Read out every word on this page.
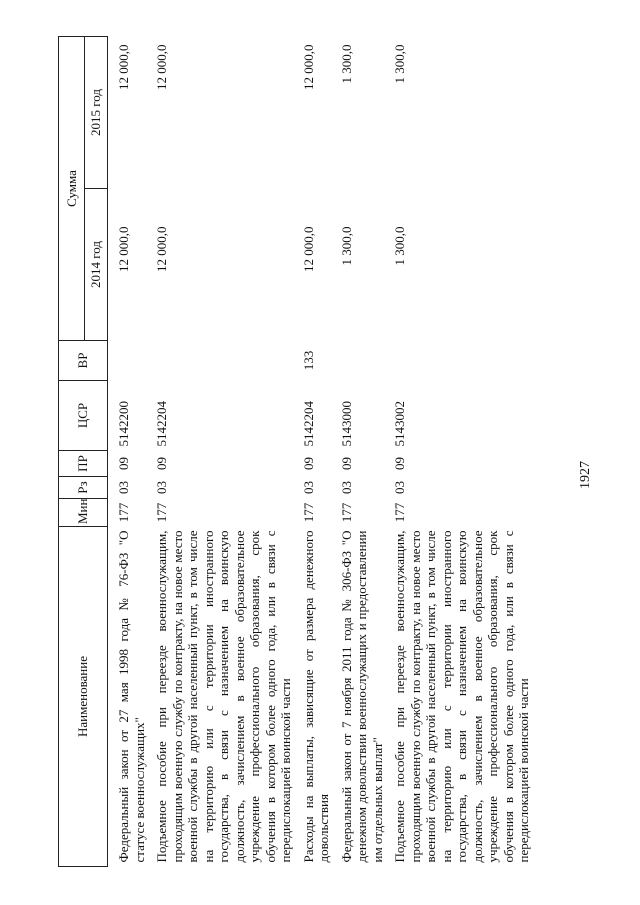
1927
Наименование	Мин	Рз	ПР	ЦСР	ВР	Сумма	
						2014 год	2015 год
Федеральный закон от 27 мая 1998 года № 76-ФЗ "О статусе военнослужащих"	177	03	09	5142200		12 000,0	12 000,0
Подъемное пособие при переезде военнослужащим, проходящим военную службу по контракту, на новое место военной службы в другой населенный пункт, в том числе на территорию или с территории иностранного государства, в связи с назначением на воинскую должность, зачислением в военное образовательное учреждение профессионального образования, срок обучения в котором более одного года, или в связи с передислокацией воинской части	177	03	09	5142204		12 000,0	12 000,0
Расходы на выплаты, зависящие от размера денежного довольствия	177	03	09	5142204	133	12 000,0	12 000,0
Федеральный закон от 7 ноября 2011 года № 306-ФЗ "О денежном довольствии военнослужащих и предоставлении им отдельных выплат"	177	03	09	5143000		1 300,0	1 300,0
Подъемное пособие при переезде военнослужащим, проходящим военную службу по контракту, на новое место военной службы в другой населенный пункт, в том числе на территорию или с территории иностранного государства, в связи с назначением на воинскую должность, зачислением в военное образовательное учреждение профессионального образования, срок обучения в котором более одного года, или в связи с передислокацией воинской части	177	03	09	5143002		1 300,0	1 300,0
